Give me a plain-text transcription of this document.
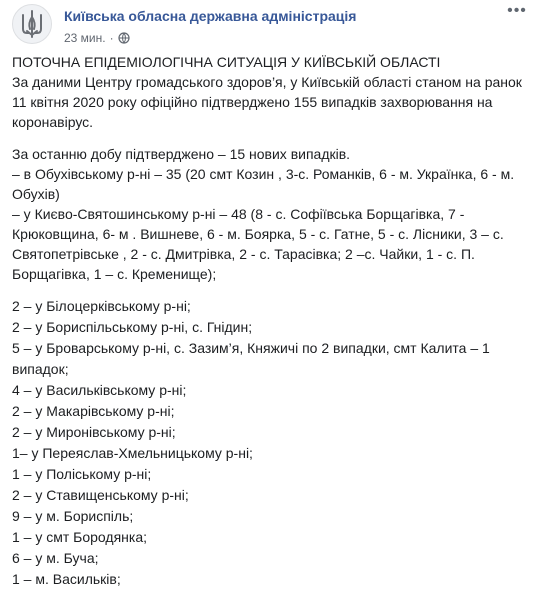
Київська обласна державна адміністрація
23 мин. ·
•••

ПОТОЧНА ЕПІДЕМІОЛОГІЧНА СИТУАЦІЯ У КИЇВСЬКІЙ ОБЛАСТІ

За даними Центру громадського здоров’я, у Київській області станом на ранок 11 квітня 2020 року офіційно підтверджено 155 випадків захворювання на коронавірус.

За останню добу підтверджено – 15 нових випадків.
– в Обухівському р-ні – 35 (20 смт Козин , 3-с. Романків, 6 - м. Українка, 6 - м. Обухів)
– у Києво-Святошинському р-ні – 48 (8 - с. Софіївська Борщагівка, 7 - Крюковщина, 6- м . Вишневе, 6 - м. Боярка, 5 - с. Гатне, 5 - с. Лісники, 3 – с. Святопетрівське , 2 - с. Дмитрівка, 2 - с. Тарасівка; 2 –с. Чайки, 1 - с. П. Борщагівка, 1 – с. Кременище);
2 – у Білоцерківському р-ні;
2 – у Бориспільському р-ні, с. Гнідин;
5 – у Броварському р-ні, с. Зазим’я, Княжичі по 2 випадки, смт Калита – 1 випадок;
4 – у Васильківському р-ні;
2 – у Макарівському р-ні;
2 – у Миронівському р-ні;
1– у Переяслав-Хмельницькому р-ні;
1 – у Поліському р-ні;
2 – у Ставищенському р-ні;
9 – у м. Бориспіль;
1 – у смт Бородянка;
6 – у м. Буча;
1 – м. Васильків;
